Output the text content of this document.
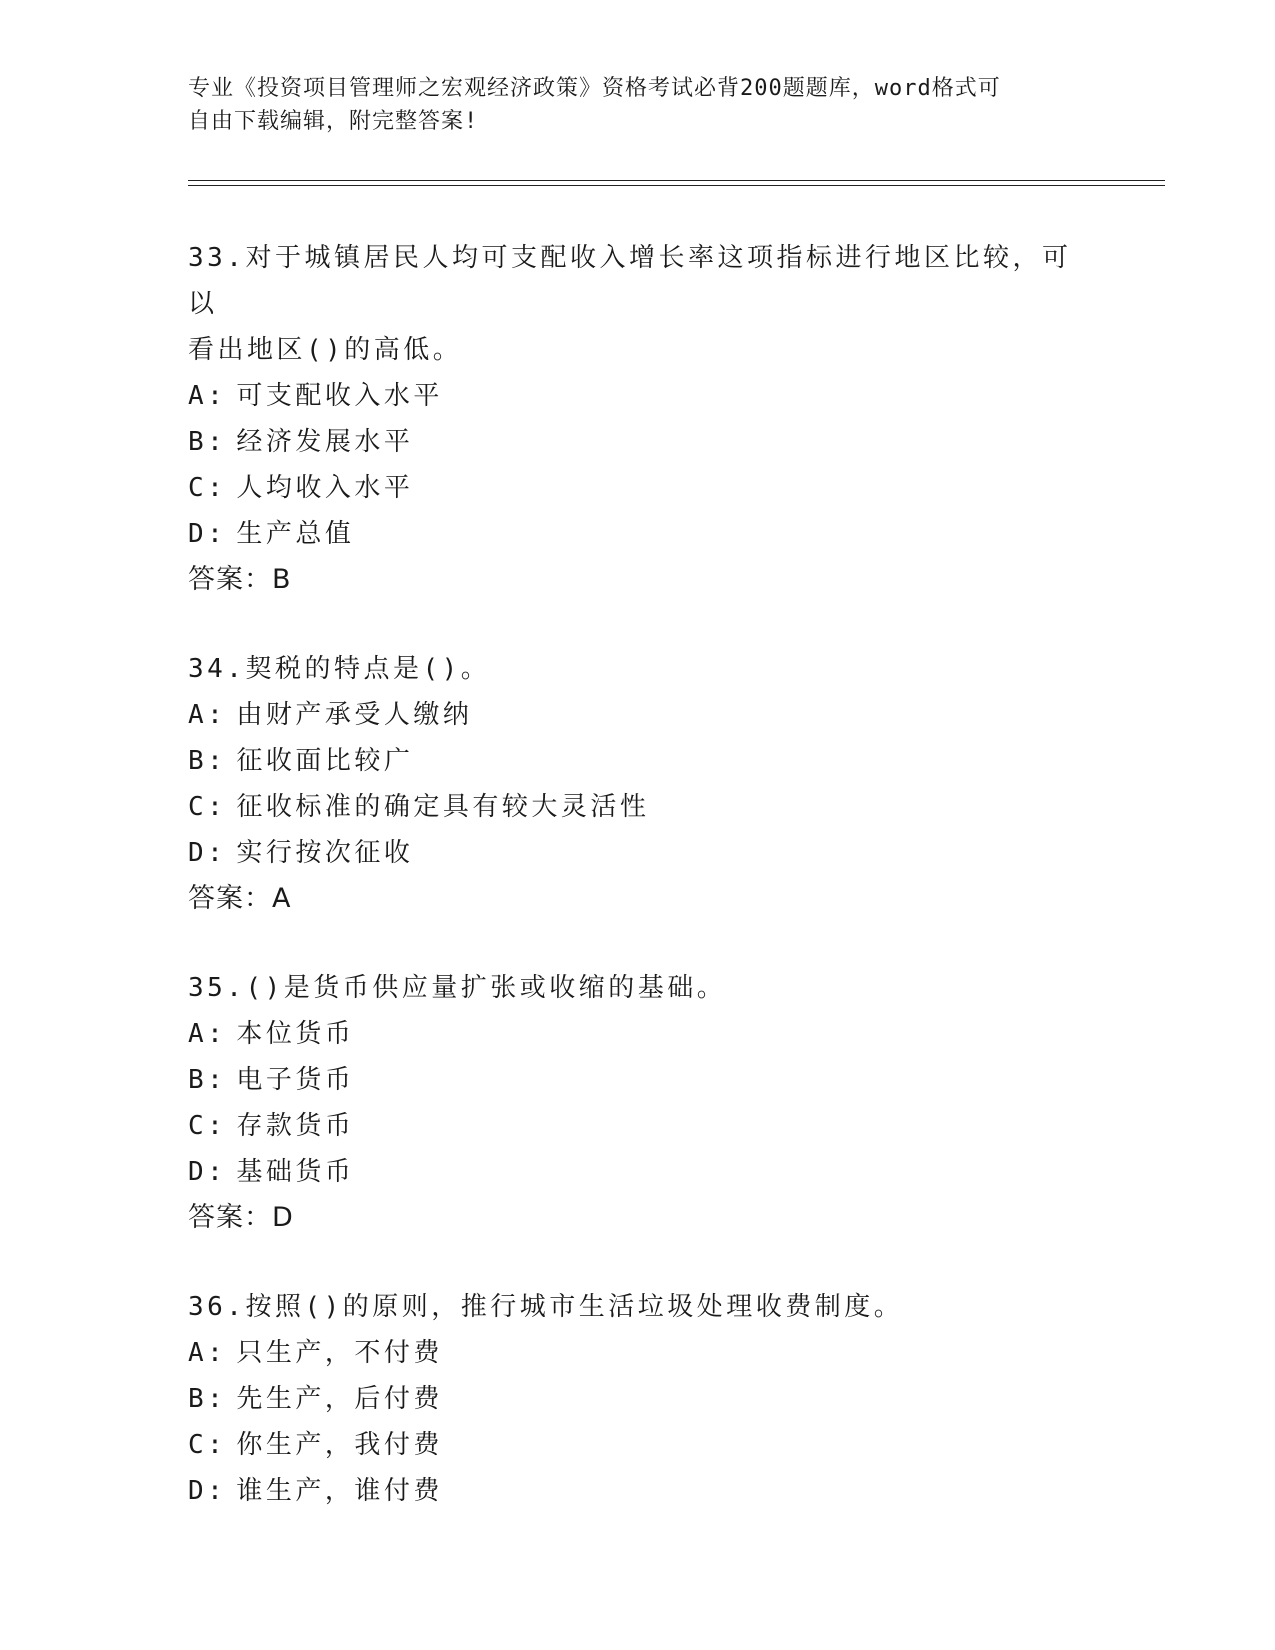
专业《投资项目管理师之宏观经济政策》资格考试必背200题题库，word格式可
自由下载编辑，附完整答案!
33.对于城镇居民人均可支配收入增长率这项指标进行地区比较，可以
看出地区()的高低。
A: 可支配收入水平
B: 经济发展水平
C: 人均收入水平
D: 生产总值
答案：B
34.契税的特点是()。
A: 由财产承受人缴纳
B: 征收面比较广
C: 征收标准的确定具有较大灵活性
D: 实行按次征收
答案：A
35.()是货币供应量扩张或收缩的基础。
A: 本位货币
B: 电子货币
C: 存款货币
D: 基础货币
答案：D
36.按照()的原则，推行城市生活垃圾处理收费制度。
A: 只生产，不付费
B: 先生产，后付费
C: 你生产，我付费
D: 谁生产，谁付费
